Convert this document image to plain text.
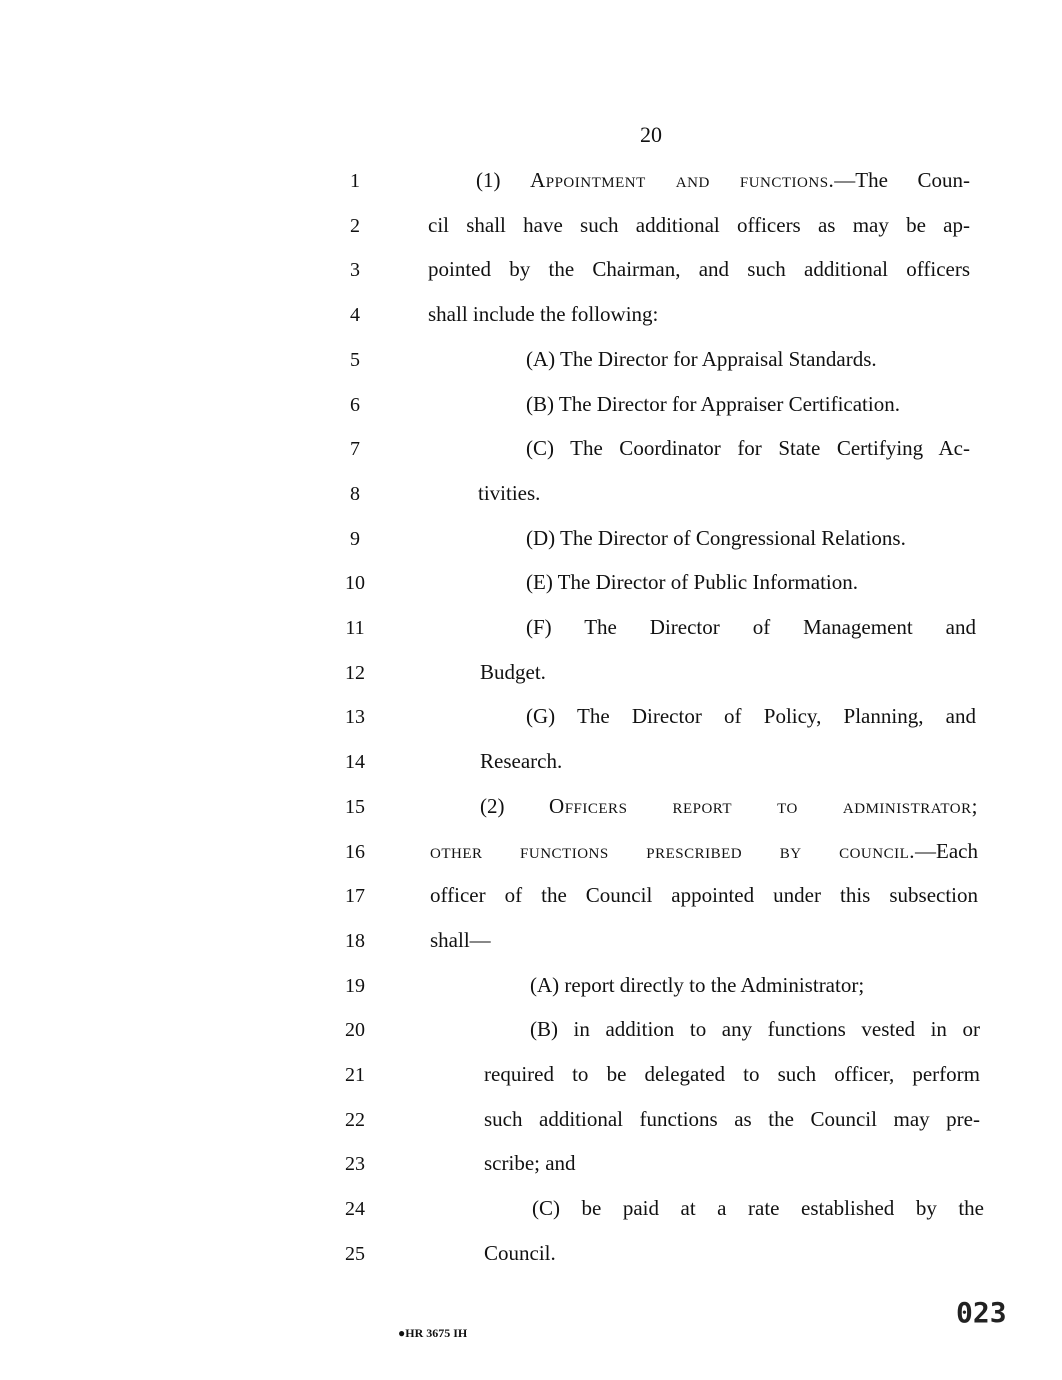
20
1
2
3
4
5
6
7
8
9
10
11
12
13
14
15
16
17
18
19
20
21
22
23
24
25
(1) Appointment and functions.—The Coun-
cil shall have such additional officers as may be ap-
pointed by the Chairman, and such additional officers
shall include the following:
(A) The Director for Appraisal Standards.
(B) The Director for Appraiser Certification.
(C) The Coordinator for State Certifying Ac-
tivities.
(D) The Director of Congressional Relations.
(E) The Director of Public Information.
(F) The Director of Management and
Budget.
(G) The Director of Policy, Planning, and
Research.
(2) Officers report to administrator;
other functions prescribed by council.—Each
officer of the Council appointed under this subsection
shall—
(A) report directly to the Administrator;
(B) in addition to any functions vested in or
required to be delegated to such officer, perform
such additional functions as the Council may pre-
scribe; and
(C) be paid at a rate established by the
Council.
●HR 3675 IH
023
